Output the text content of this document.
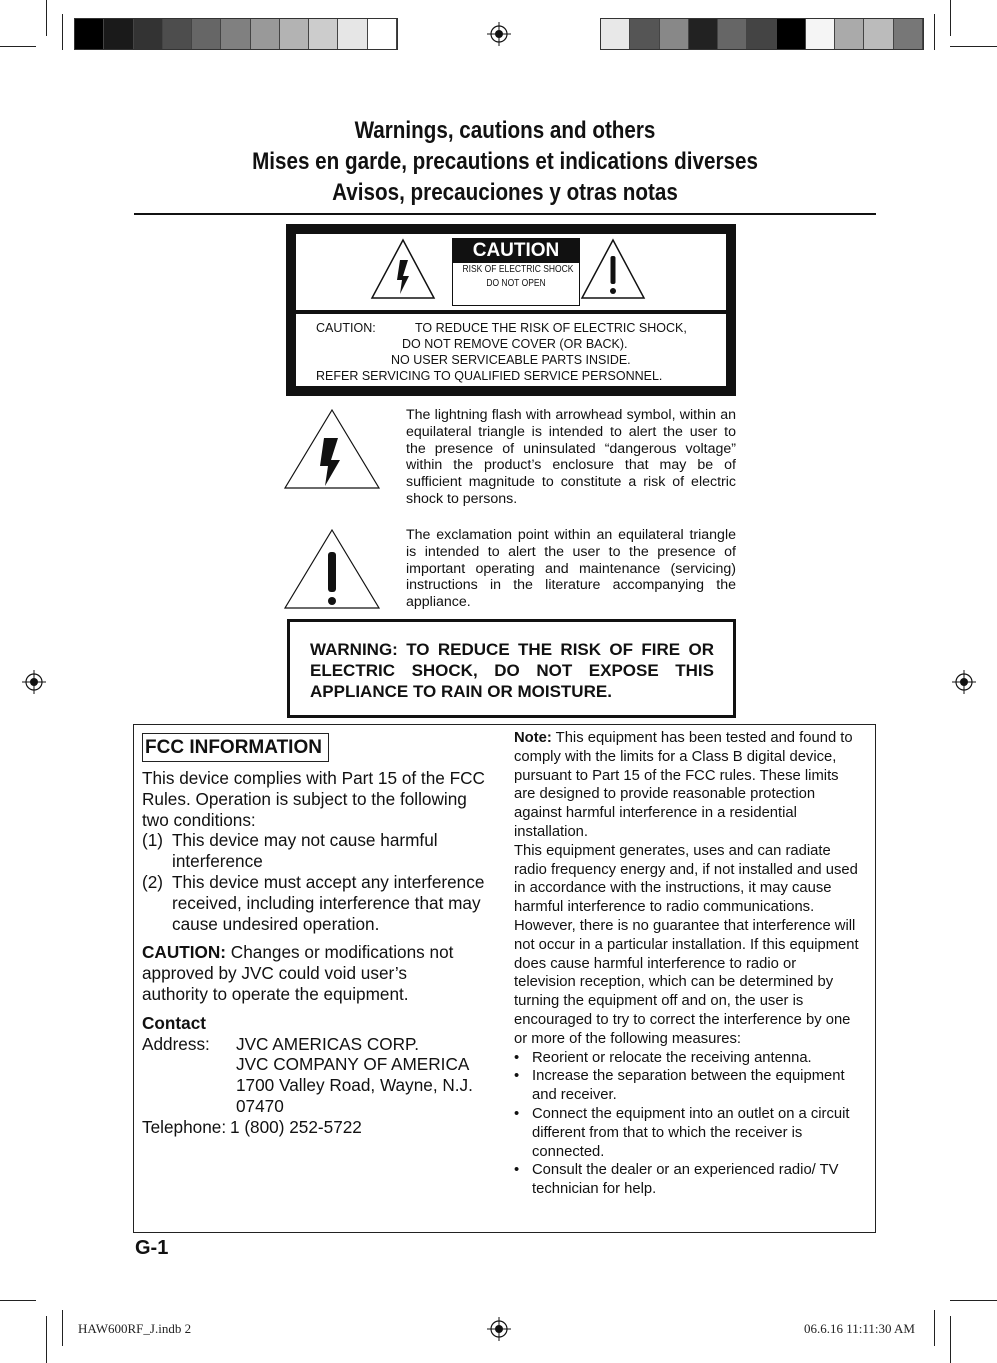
Warnings, cautions and others
Mises en garde, precautions et indications diverses
Avisos, precauciones y otras notas
CAUTION
RISK OF ELECTRIC SHOCK
DO NOT OPEN
CAUTION:	TO REDUCE THE RISK OF ELECTRIC SHOCK,
DO NOT REMOVE COVER (OR BACK).
NO USER SERVICEABLE PARTS INSIDE.
REFER SERVICING TO QUALIFIED SERVICE PERSONNEL.
The lightning flash with arrowhead symbol, within an equilateral triangle is intended to alert the user to the presence of uninsulated “dangerous voltage” within the product’s enclosure that may be of sufficient magnitude to constitute a risk of electric shock to persons.
The exclamation point within an equilateral triangle is intended to alert the user to the presence of important operating and maintenance (servicing) instructions in the literature accompanying the appliance.
WARNING: TO REDUCE THE RISK OF FIRE OR ELECTRIC SHOCK, DO NOT EXPOSE THIS APPLIANCE TO RAIN OR MOISTURE.
FCC INFORMATION
This device complies with Part 15 of the FCC Rules. Operation is subject to the following two conditions:
(1) This device may not cause harmful interference
(2) This device must accept any interference received, including interference that may cause undesired operation.
CAUTION: Changes or modifications not approved by JVC could void user’s authority to operate the equipment.
Contact
Address:	JVC AMERICAS CORP.
JVC COMPANY OF AMERICA
1700 Valley Road, Wayne, N.J.
07470
Telephone: 1 (800) 252-5722
Note: This equipment has been tested and found to comply with the limits for a Class B digital device, pursuant to Part 15 of the FCC rules. These limits are designed to provide reasonable protection against harmful interference in a residential installation.
This equipment generates, uses and can radiate radio frequency energy and, if not installed and used in accordance with the instructions, it may cause harmful interference to radio communications. However, there is no guarantee that interference will not occur in a particular installation. If this equipment does cause harmful interference to radio or television reception, which can be determined by turning the equipment off and on, the user is encouraged to try to correct the interference by one or more of the following measures:
• Reorient or relocate the receiving antenna.
• Increase the separation between the equipment and receiver.
• Connect the equipment into an outlet on a circuit different from that to which the receiver is connected.
• Consult the dealer or an experienced radio/ TV technician for help.
G-1
HAW600RF_J.indb 2	06.6.16 11:11:30 AM
